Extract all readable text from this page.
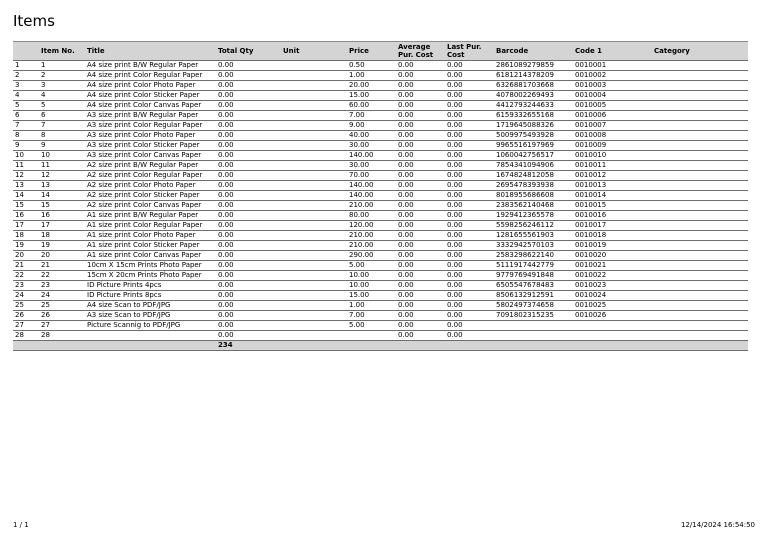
Items
	Item No.	Title	Total Qty	Unit	Price	Average Pur. Cost	Last Pur. Cost	Barcode	Code 1	Category
1	1	A4 size print B/W Regular Paper	0.00		0.50	0.00	0.00	2861089279859	0010001	
2	2	A4 size print Color Regular Paper	0.00		1.00	0.00	0.00	6181214378209	0010002	
3	3	A4 size print Color Photo Paper	0.00		20.00	0.00	0.00	6326881703668	0010003	
4	4	A4 size print Color Sticker Paper	0.00		15.00	0.00	0.00	4078002269493	0010004	
5	5	A4 size print Color Canvas Paper	0.00		60.00	0.00	0.00	4412793244633	0010005	
6	6	A3 size print B/W Regular Paper	0.00		7.00	0.00	0.00	6159332655168	0010006	
7	7	A3 size print Color Regular Paper	0.00		9.00	0.00	0.00	1719645088326	0010007	
8	8	A3 size print Color Photo Paper	0.00		40.00	0.00	0.00	5009975493928	0010008	
9	9	A3 size print Color Sticker Paper	0.00		30.00	0.00	0.00	9965516197969	0010009	
10	10	A3 size print Color Canvas Paper	0.00		140.00	0.00	0.00	1060042756517	0010010	
11	11	A2 size print B/W Regular Paper	0.00		30.00	0.00	0.00	7854341094906	0010011	
12	12	A2 size print Color Regular Paper	0.00		70.00	0.00	0.00	1674824812058	0010012	
13	13	A2 size print Color Photo Paper	0.00		140.00	0.00	0.00	2695478393938	0010013	
14	14	A2 size print Color Sticker Paper	0.00		140.00	0.00	0.00	8018955686608	0010014	
15	15	A2 size print Color Canvas Paper	0.00		210.00	0.00	0.00	2383562140468	0010015	
16	16	A1 size print B/W Regular Paper	0.00		80.00	0.00	0.00	1929412365578	0010016	
17	17	A1 size print Color Regular Paper	0.00		120.00	0.00	0.00	5598256246112	0010017	
18	18	A1 size print Color Photo Paper	0.00		210.00	0.00	0.00	1281655561903	0010018	
19	19	A1 size print Color Sticker Paper	0.00		210.00	0.00	0.00	3332942570103	0010019	
20	20	A1 size print Color Canvas Paper	0.00		290.00	0.00	0.00	2583298622140	0010020	
21	21	10cm X 15cm Prints Photo Paper	0.00		5.00	0.00	0.00	5111917442779	0010021	
22	22	15cm X 20cm Prints Photo Paper	0.00		10.00	0.00	0.00	9779769491848	0010022	
23	23	ID Picture Prints 4pcs	0.00		10.00	0.00	0.00	6505547678483	0010023	
24	24	ID Picture Prints 8pcs	0.00		15.00	0.00	0.00	8506132912591	0010024	
25	25	A4 size Scan to PDF/JPG	0.00		1.00	0.00	0.00	5802497374658	0010025	
26	26	A3 size Scan to PDF/JPG	0.00		7.00	0.00	0.00	7091802315235	0010026	
27	27	Picture Scannig to PDF/JPG	0.00		5.00	0.00	0.00			
28	28		0.00			0.00	0.00			
			234							
1 / 1	12/14/2024 16:54:50
